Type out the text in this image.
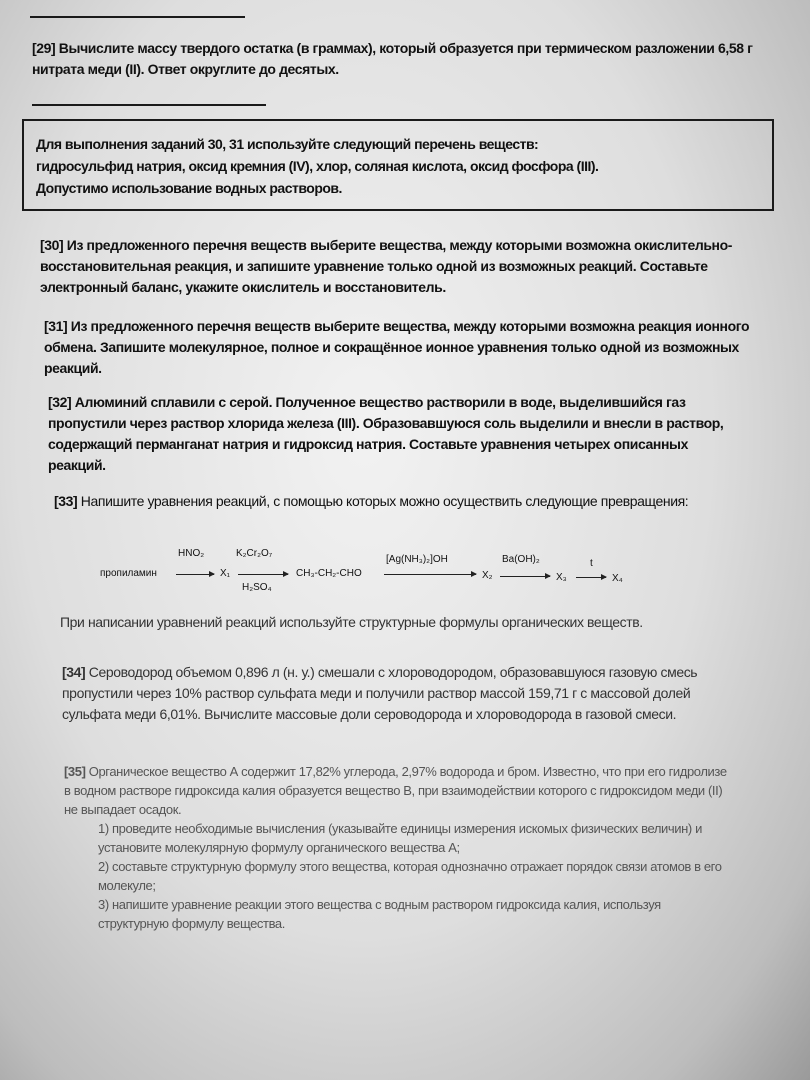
[29] Вычислите массу твердого остатка (в граммах), который образуется при термическом разложении 6,58 г нитрата меди (II). Ответ округлите до десятых.
Для выполнения заданий 30, 31 используйте следующий перечень веществ:
гидросульфид натрия, оксид кремния (IV), хлор, соляная кислота, оксид фосфора (III).
Допустимо использование водных растворов.
[30] Из предложенного перечня веществ выберите вещества, между которыми возможна окислительно-восстановительная реакция, и запишите уравнение только одной из возможных реакций. Составьте электронный баланс, укажите окислитель и восстановитель.
[31] Из предложенного перечня веществ выберите вещества, между которыми возможна реакция ионного обмена. Запишите молекулярное, полное и сокращённое ионное уравнения только одной из возможных реакций.
[32] Алюминий сплавили с серой. Полученное вещество растворили в воде, выделившийся газ пропустили через раствор хлорида железа (III). Образовавшуюся соль выделили и внесли в раствор, содержащий перманганат натрия и гидроксид натрия. Составьте уравнения четырех описанных реакций.
[33] Напишите уравнения реакций, с помощью которых можно осуществить следующие превращения:
пропиламин
HNO₂
→ X₁
K₂Cr₂O₇
H₂SO₄
CH₃-CH₂-CHO
[Ag(NH₃)₂]OH
X₂
Ba(OH)₂
X₃
t
→ X₄
При написании уравнений реакций используйте структурные формулы органических веществ.
[34] Сероводород объемом 0,896 л (н. у.) смешали с хлороводородом, образовавшуюся газовую смесь пропустили через 10% раствор сульфата меди и получили раствор массой 159,71 г с массовой долей сульфата меди 6,01%. Вычислите массовые доли сероводорода и хлороводорода в газовой смеси.
[35] Органическое вещество А содержит 17,82% углерода, 2,97% водорода и бром. Известно, что при его гидролизе в водном растворе гидроксида калия образуется вещество В, при взаимодействии которого с гидроксидом меди (II) не выпадает осадок.
1) проведите необходимые вычисления (указывайте единицы измерения искомых физических величин) и установите молекулярную формулу органического вещества А;
2) составьте структурную формулу этого вещества, которая однозначно отражает порядок связи атомов в его молекуле;
3) напишите уравнение реакции этого вещества с водным раствором гидроксида калия, используя структурную формулу вещества.
